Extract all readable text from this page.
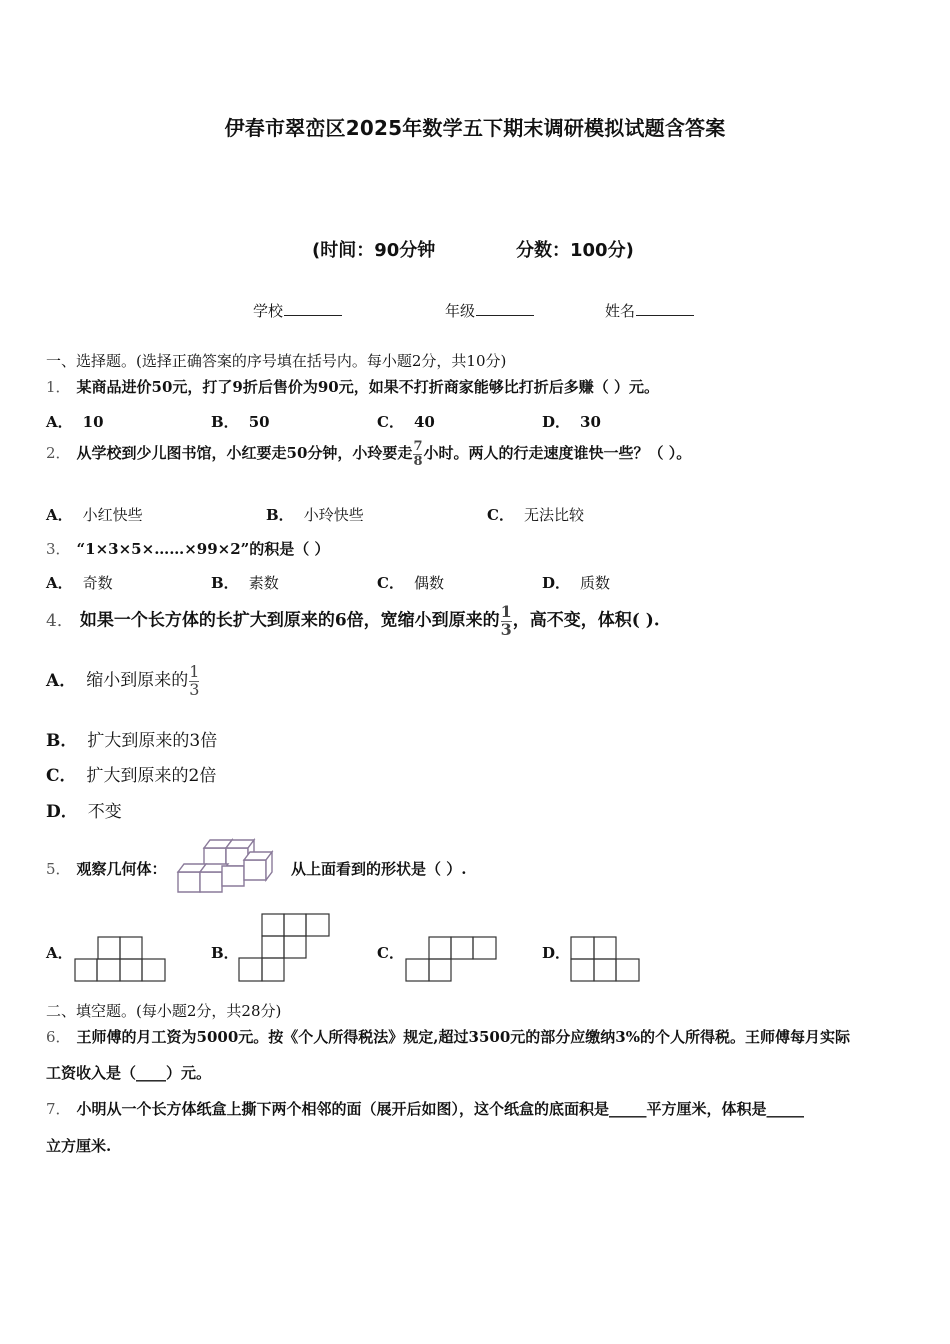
伊春市翠峦区2025年数学五下期末调研模拟试题含答案
(时间：90分钟	分数：100分)
学校	年级	姓名
一、选择题。(选择正确答案的序号填在括号内。每小题2分，共10分)
1． 某商品进价50元，打了9折后售价为90元，如果不打折商家能够比打折后多赚（ ）元。
A． 10	B． 50	C． 40	D． 30
2． 从学校到少儿图书馆，小红要走50分钟，小玲要走 $\frac{7}{8}$ 小时。两人的行走速度谁快一些？（ ）。
A． 小红快些	B． 小玲快些	C． 无法比较
3． “1×3×5×……×99×2”的积是（ ）
A． 奇数	B． 素数	C． 偶数	D． 质数
4． 如果一个长方体的长扩大到原来的6倍，宽缩小到原来的 $\frac{1}{3}$ ，高不变，体积( ).
A． 缩小到原来的 $\frac{1}{3}$
B． 扩大到原来的3倍
C． 扩大到原来的2倍
D． 不变
5． 观察几何体：	从上面看到的形状是（ ）.
A．	B．	C．	D．
二、填空题。(每小题2分，共28分)
6． 王师傅的月工资为5000元。按《个人所得税法》规定,超过3500元的部分应缴纳3%的个人所得税。王师傅每月实际
工资收入是（____）元。
7． 小明从一个长方体纸盒上撕下两个相邻的面（展开后如图），这个纸盒的底面积是_____平方厘米，体积是_____
立方厘米.
